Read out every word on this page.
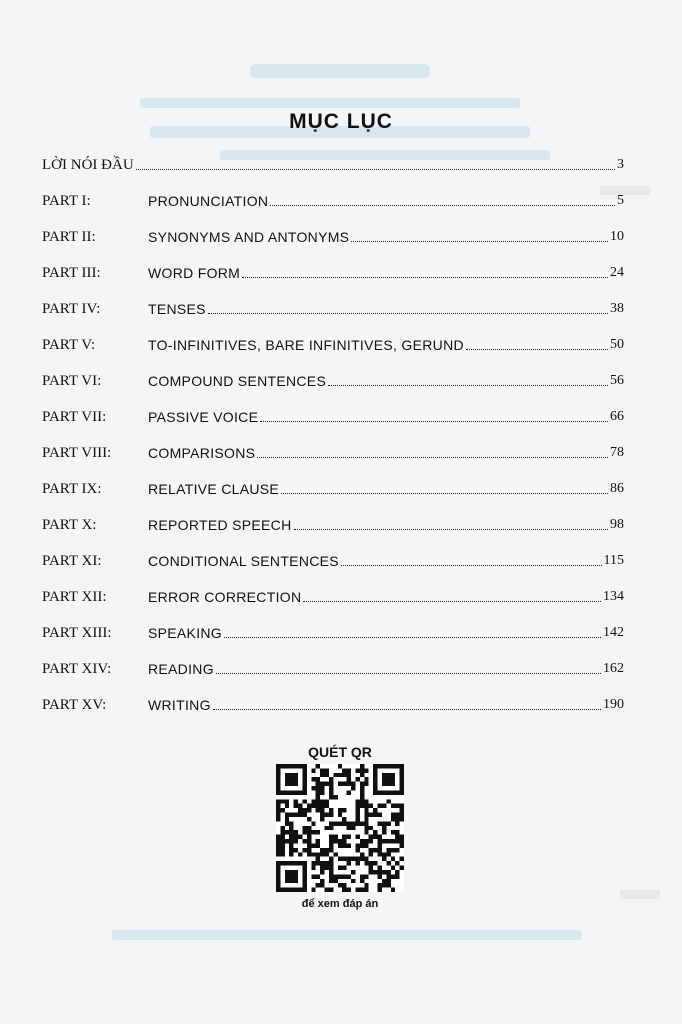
MỤC LỤC
LỜI NÓI ĐẦU	3
PART I:	PRONUNCIATION	5
PART II:	SYNONYMS AND ANTONYMS	10
PART III:	WORD FORM	24
PART IV:	TENSES	38
PART V:	TO-INFINITIVES, BARE INFINITIVES, GERUND	50
PART VI:	COMPOUND SENTENCES	56
PART VII:	PASSIVE VOICE	66
PART VIII:	COMPARISONS	78
PART IX:	RELATIVE CLAUSE	86
PART X:	REPORTED SPEECH	98
PART XI:	CONDITIONAL SENTENCES	115
PART XII:	ERROR CORRECTION	134
PART XIII:	SPEAKING	142
PART XIV:	READING	162
PART XV:	WRITING	190
QUÉT QR
để xem đáp án
